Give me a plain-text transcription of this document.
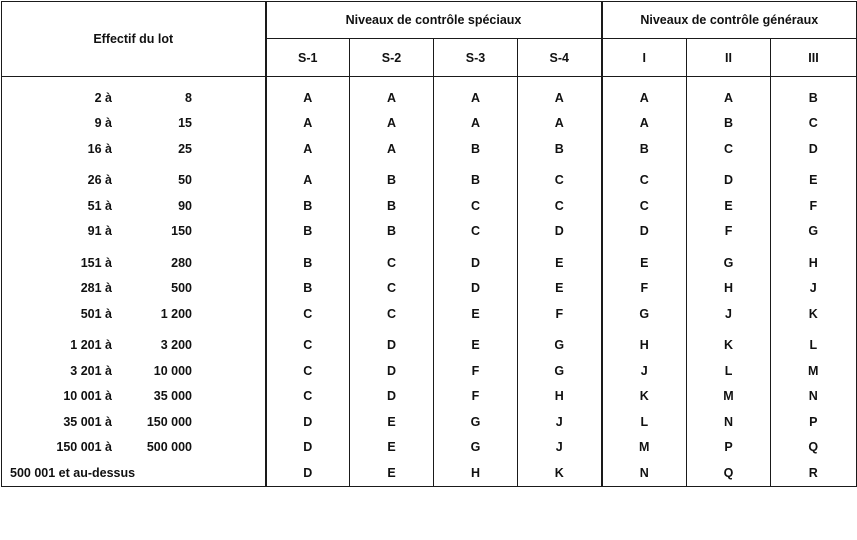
Effectif du lot	Niveaux de contrôle spéciaux				Niveaux de contrôle généraux		
	S-1	S-2	S-3	S-4	I	II	III
2 à 8	A	A	A	A	A	A	B
9 à 15	A	A	A	A	A	B	C
16 à 25	A	A	B	B	B	C	D
26 à 50	A	B	B	C	C	D	E
51 à 90	B	B	C	C	C	E	F
91 à 150	B	B	C	D	D	F	G
151 à 280	B	C	D	E	E	G	H
281 à 500	B	C	D	E	F	H	J
501 à 1 200	C	C	E	F	G	J	K
1 201 à 3 200	C	D	E	G	H	K	L
3 201 à 10 000	C	D	F	G	J	L	M
10 001 à 35 000	C	D	F	H	K	M	N
35 001 à 150 000	D	E	G	J	L	N	P
150 001 à 500 000	D	E	G	J	M	P	Q
500 001 et au-dessus	D	E	H	K	N	Q	R
